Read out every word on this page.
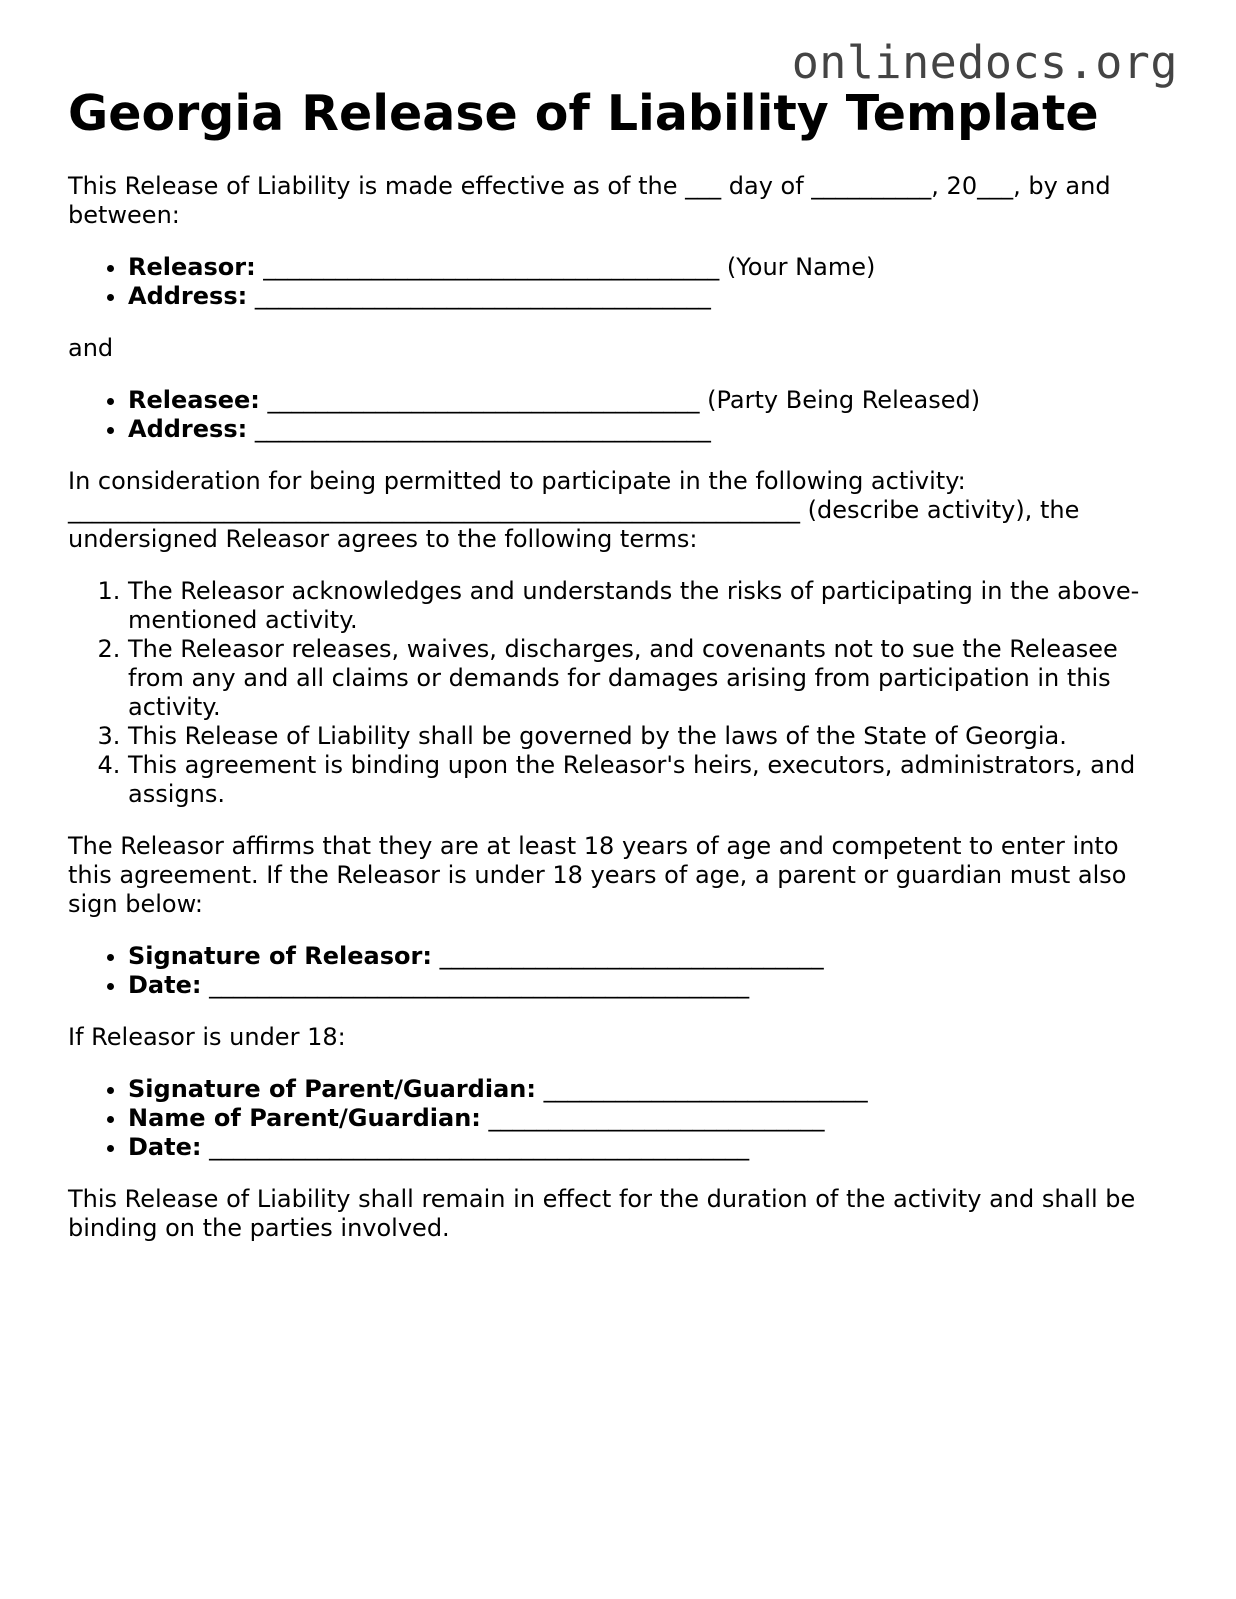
onlinedocs.org
Georgia Release of Liability Template

This Release of Liability is made effective as of the ___ day of __________, 20___, by and between:

• Releasor: ______________________________________ (Your Name)
• Address: ______________________________________

and

• Releasee: ____________________________________ (Party Being Released)
• Address: ______________________________________

In consideration for being permitted to participate in the following activity: _____________________________________________________________ (describe activity), the undersigned Releasor agrees to the following terms:

1. The Releasor acknowledges and understands the risks of participating in the above-mentioned activity.
2. The Releasor releases, waives, discharges, and covenants not to sue the Releasee from any and all claims or demands for damages arising from participation in this activity.
3. This Release of Liability shall be governed by the laws of the State of Georgia.
4. This agreement is binding upon the Releasor's heirs, executors, administrators, and assigns.

The Releasor affirms that they are at least 18 years of age and competent to enter into this agreement. If the Releasor is under 18 years of age, a parent or guardian must also sign below:

• Signature of Releasor: ________________________________
• Date: _____________________________________________

If Releasor is under 18:

• Signature of Parent/Guardian: ___________________________
• Name of Parent/Guardian: ____________________________
• Date: _____________________________________________

This Release of Liability shall remain in effect for the duration of the activity and shall be binding on the parties involved.
